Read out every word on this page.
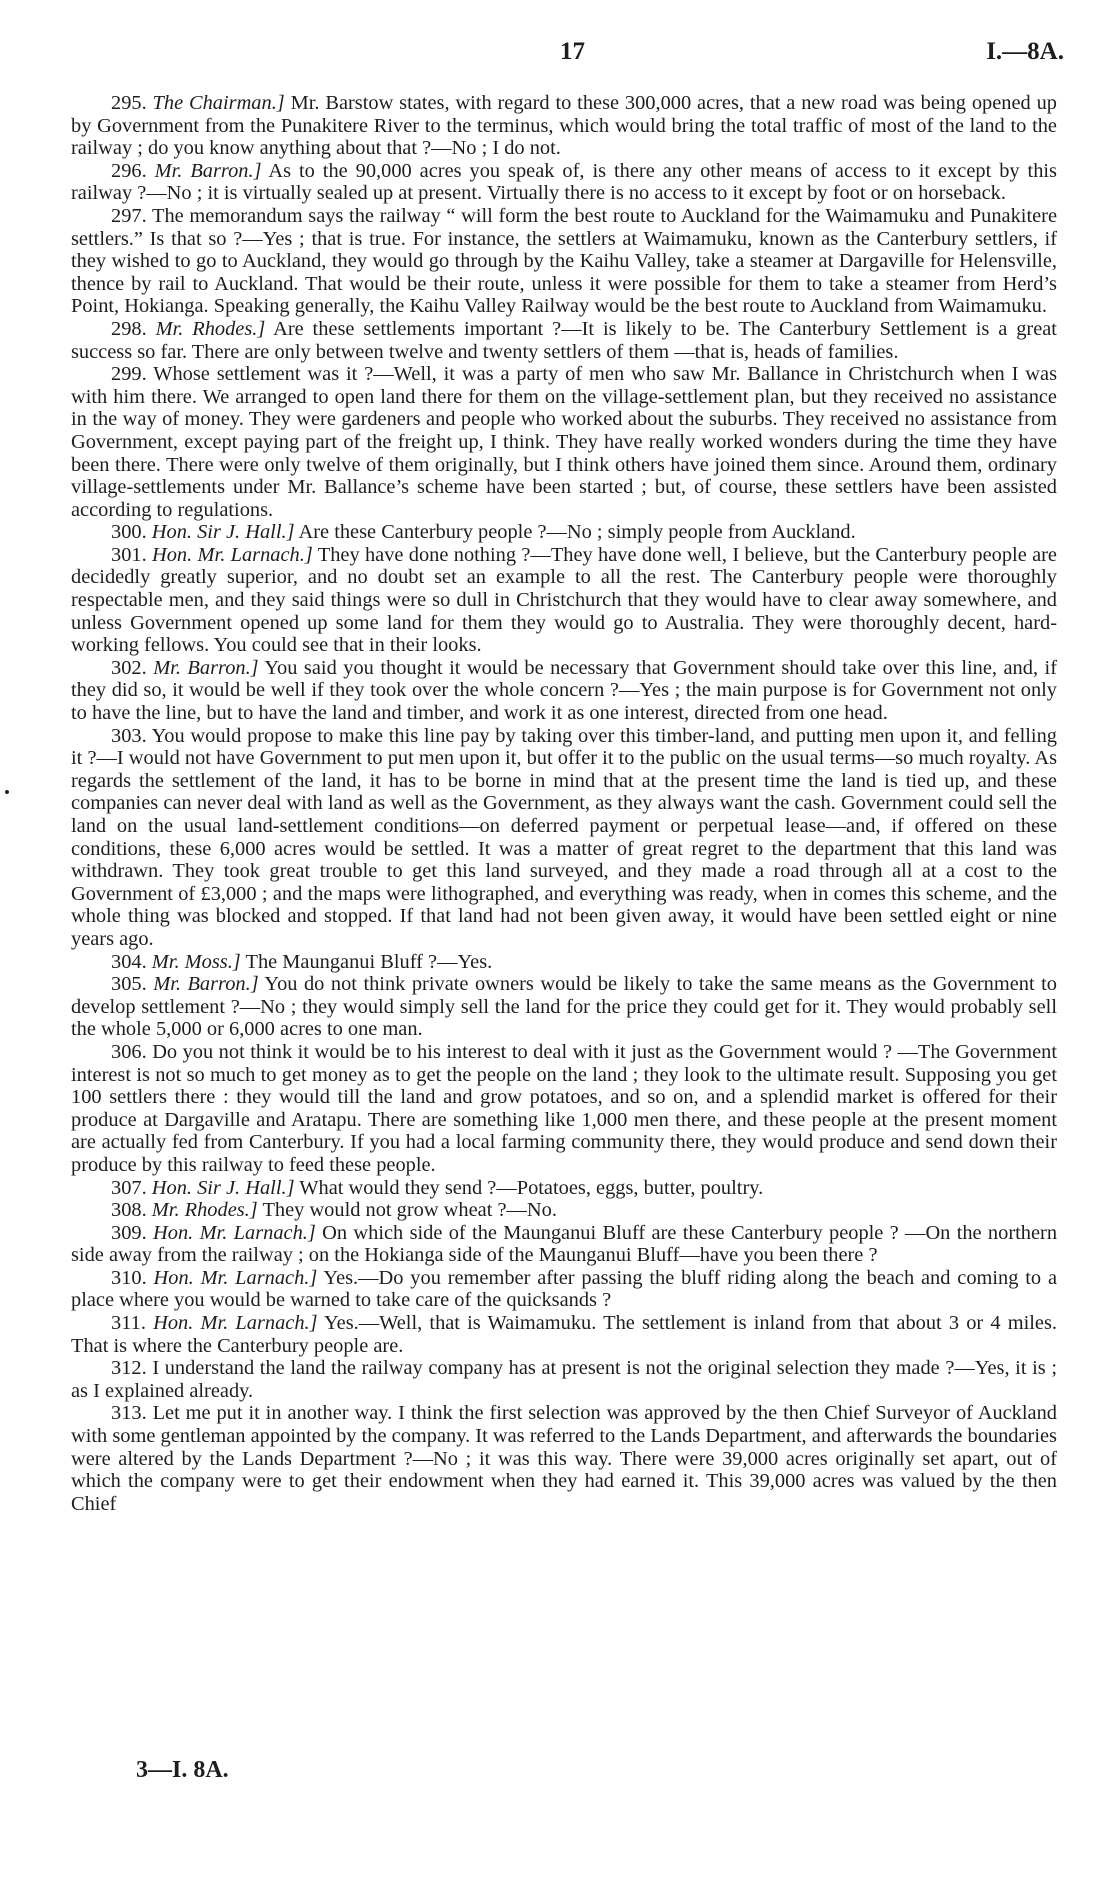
17	I.—8A.

295. The Chairman.] Mr. Barstow states, with regard to these 300,000 acres, that a new road was being opened up by Government from the Punakitere River to the terminus, which would bring the total traffic of most of the land to the railway ; do you know anything about that ?—No ; I do not.

296. Mr. Barron.] As to the 90,000 acres you speak of, is there any other means of access to it except by this railway ?—No ; it is virtually sealed up at present. Virtually there is no access to it except by foot or on horseback.

297. The memorandum says the railway “ will form the best route to Auckland for the Waimamuku and Punakitere settlers.” Is that so ?—Yes ; that is true. For instance, the settlers at Waimamuku, known as the Canterbury settlers, if they wished to go to Auckland, they would go through by the Kaihu Valley, take a steamer at Dargaville for Helensville, thence by rail to Auckland. That would be their route, unless it were possible for them to take a steamer from Herd’s Point, Hokianga. Speaking generally, the Kaihu Valley Railway would be the best route to Auckland from Waimamuku.

298. Mr. Rhodes.] Are these settlements important ?—It is likely to be. The Canterbury Settlement is a great success so far. There are only between twelve and twenty settlers of them —that is, heads of families.

299. Whose settlement was it ?—Well, it was a party of men who saw Mr. Ballance in Christchurch when I was with him there. We arranged to open land there for them on the village-settlement plan, but they received no assistance in the way of money. They were gardeners and people who worked about the suburbs. They received no assistance from Government, except paying part of the freight up, I think. They have really worked wonders during the time they have been there. There were only twelve of them originally, but I think others have joined them since. Around them, ordinary village-settlements under Mr. Ballance’s scheme have been started ; but, of course, these settlers have been assisted according to regulations.

300. Hon. Sir J. Hall.] Are these Canterbury people ?—No ; simply people from Auckland.

301. Hon. Mr. Larnach.] They have done nothing ?—They have done well, I believe, but the Canterbury people are decidedly greatly superior, and no doubt set an example to all the rest. The Canterbury people were thoroughly respectable men, and they said things were so dull in Christchurch that they would have to clear away somewhere, and unless Government opened up some land for them they would go to Australia. They were thoroughly decent, hard-working fellows. You could see that in their looks.

302. Mr. Barron.] You said you thought it would be necessary that Government should take over this line, and, if they did so, it would be well if they took over the whole concern ?—Yes ; the main purpose is for Government not only to have the line, but to have the land and timber, and work it as one interest, directed from one head.

303. You would propose to make this line pay by taking over this timber-land, and putting men upon it, and felling it ?—I would not have Government to put men upon it, but offer it to the public on the usual terms—so much royalty. As regards the settlement of the land, it has to be borne in mind that at the present time the land is tied up, and these companies can never deal with land as well as the Government, as they always want the cash. Government could sell the land on the usual land-settlement conditions—on deferred payment or perpetual lease—and, if offered on these conditions, these 6,000 acres would be settled. It was a matter of great regret to the department that this land was withdrawn. They took great trouble to get this land surveyed, and they made a road through all at a cost to the Government of £3,000 ; and the maps were lithographed, and everything was ready, when in comes this scheme, and the whole thing was blocked and stopped. If that land had not been given away, it would have been settled eight or nine years ago.

304. Mr. Moss.] The Maunganui Bluff ?—Yes.

305. Mr. Barron.] You do not think private owners would be likely to take the same means as the Government to develop settlement ?—No ; they would simply sell the land for the price they could get for it. They would probably sell the whole 5,000 or 6,000 acres to one man.

306. Do you not think it would be to his interest to deal with it just as the Government would ? —The Government interest is not so much to get money as to get the people on the land ; they look to the ultimate result. Supposing you get 100 settlers there : they would till the land and grow potatoes, and so on, and a splendid market is offered for their produce at Dargaville and Aratapu. There are something like 1,000 men there, and these people at the present moment are actually fed from Canterbury. If you had a local farming community there, they would produce and send down their produce by this railway to feed these people.

307. Hon. Sir J. Hall.] What would they send ?—Potatoes, eggs, butter, poultry.

308. Mr. Rhodes.] They would not grow wheat ?—No.

309. Hon. Mr. Larnach.] On which side of the Maunganui Bluff are these Canterbury people ? —On the northern side away from the railway ; on the Hokianga side of the Maunganui Bluff—have you been there ?

310. Hon. Mr. Larnach.] Yes.—Do you remember after passing the bluff riding along the beach and coming to a place where you would be warned to take care of the quicksands ?

311. Hon. Mr. Larnach.] Yes.—Well, that is Waimamuku. The settlement is inland from that about 3 or 4 miles. That is where the Canterbury people are.

312. I understand the land the railway company has at present is not the original selection they made ?—Yes, it is ; as I explained already.

313. Let me put it in another way. I think the first selection was approved by the then Chief Surveyor of Auckland with some gentleman appointed by the company. It was referred to the Lands Department, and afterwards the boundaries were altered by the Lands Department ?—No ; it was this way. There were 39,000 acres originally set apart, out of which the company were to get their endowment when they had earned it. This 39,000 acres was valued by the then Chief

3—I. 8A.
